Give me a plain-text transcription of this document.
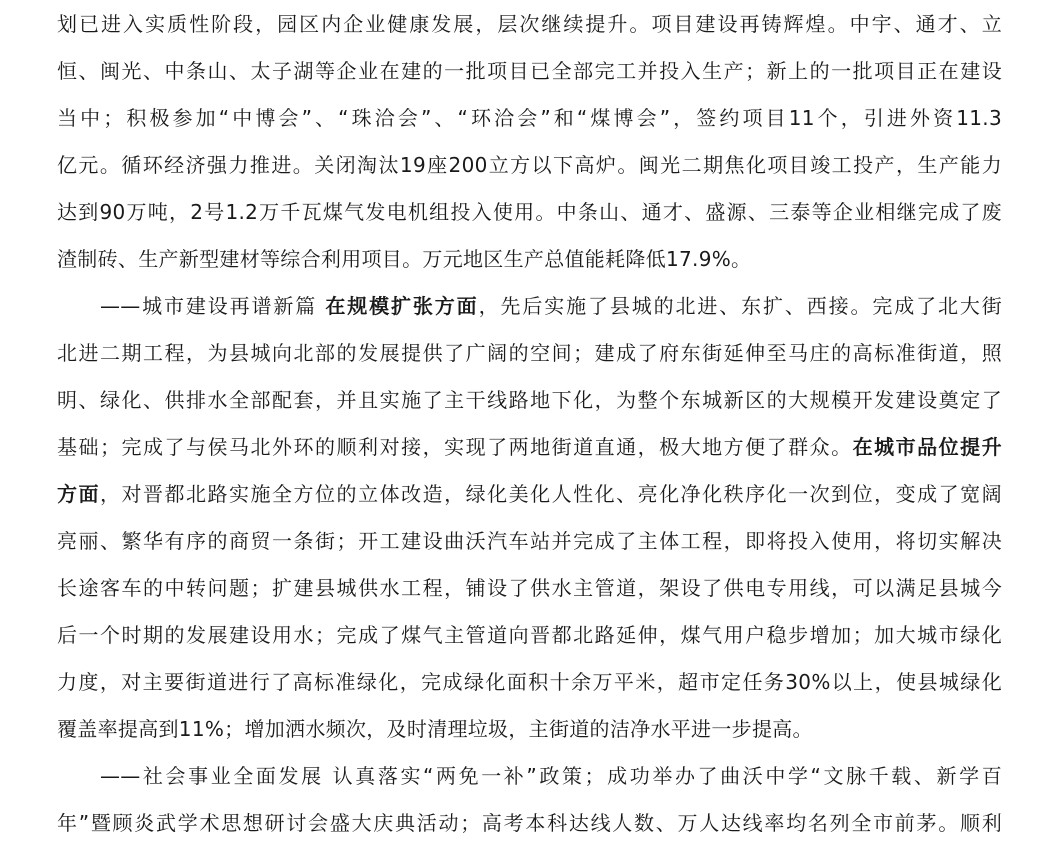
划已进入实质性阶段，园区内企业健康发展，层次继续提升。项目建设再铸辉煌。中宇、通才、立
恒、闽光、中条山、太子湖等企业在建的一批项目已全部完工并投入生产；新上的一批项目正在建设
当中；积极参加“中博会”、“珠洽会”、“环洽会”和“煤博会”，签约项目11个，引进外资11.3
亿元。循环经济强力推进。关闭淘汰19座200立方以下高炉。闽光二期焦化项目竣工投产，生产能力
达到90万吨，2号1.2万千瓦煤气发电机组投入使用。中条山、通才、盛源、三泰等企业相继完成了废
渣制砖、生产新型建材等综合利用项目。万元地区生产总值能耗降低17.9%。
——城市建设再谱新篇 在规模扩张方面，先后实施了县城的北进、东扩、西接。完成了北大街
北进二期工程，为县城向北部的发展提供了广阔的空间；建成了府东街延伸至马庄的高标准街道，照
明、绿化、供排水全部配套，并且实施了主干线路地下化，为整个东城新区的大规模开发建设奠定了
基础；完成了与侯马北外环的顺利对接，实现了两地街道直通，极大地方便了群众。在城市品位提升
方面，对晋都北路实施全方位的立体改造，绿化美化人性化、亮化净化秩序化一次到位，变成了宽阔
亮丽、繁华有序的商贸一条街；开工建设曲沃汽车站并完成了主体工程，即将投入使用，将切实解决
长途客车的中转问题；扩建县城供水工程，铺设了供水主管道，架设了供电专用线，可以满足县城今
后一个时期的发展建设用水；完成了煤气主管道向晋都北路延伸，煤气用户稳步增加；加大城市绿化
力度，对主要街道进行了高标准绿化，完成绿化面积十余万平米，超市定任务30%以上，使县城绿化
覆盖率提高到11%；增加洒水频次，及时清理垃圾，主街道的洁净水平进一步提高。
——社会事业全面发展 认真落实“两免一补”政策；成功举办了曲沃中学“文脉千载、新学百
年”暨顾炎武学术思想研讨会盛大庆典活动；高考本科达线人数、万人达线率均名列全市前茅。顺利
